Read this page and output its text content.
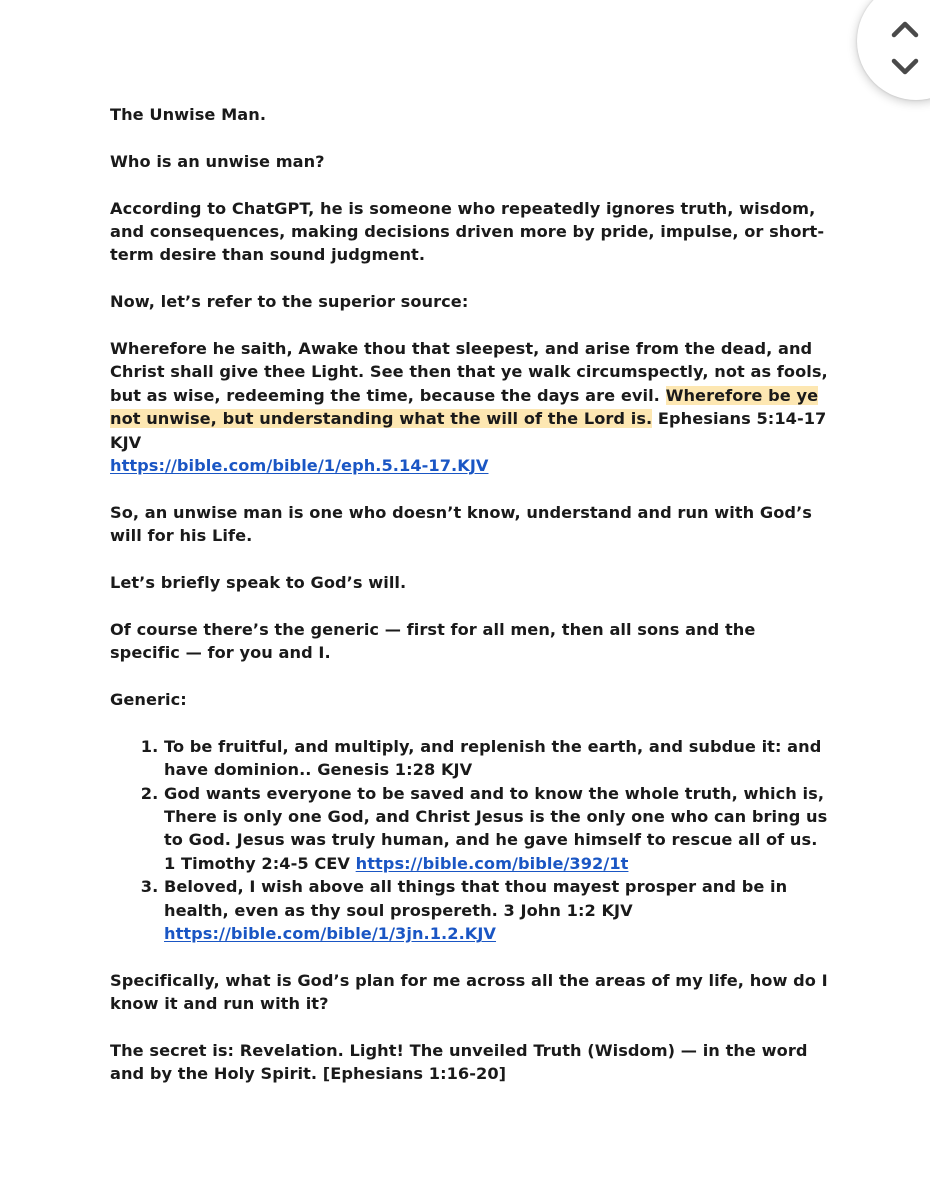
The Unwise Man.

Who is an unwise man?

According to ChatGPT, he is someone who repeatedly ignores truth, wisdom, and consequences, making decisions driven more by pride, impulse, or short-term desire than sound judgment.

Now, let’s refer to the superior source:

Wherefore he saith, Awake thou that sleepest, and arise from the dead, and Christ shall give thee Light. See then that ye walk circumspectly, not as fools, but as wise, redeeming the time, because the days are evil. Wherefore be ye not unwise, but understanding what the will of the Lord is. Ephesians 5:14-17 KJV
https://bible.com/bible/1/eph.5.14-17.KJV

So, an unwise man is one who doesn’t know, understand and run with God’s will for his Life.

Let’s briefly speak to God’s will.

Of course there’s the generic — first for all men, then all sons and the specific — for you and I.

Generic:

1. To be fruitful, and multiply, and replenish the earth, and subdue it: and have dominion.. Genesis 1:28 KJV
2. God wants everyone to be saved and to know the whole truth, which is, There is only one God, and Christ Jesus is the only one who can bring us to God. Jesus was truly human, and he gave himself to rescue all of us. 1 Timothy 2:4-5 CEV https://bible.com/bible/392/1t
3. Beloved, I wish above all things that thou mayest prosper and be in health, even as thy soul prospereth. 3 John 1:2 KJV
https://bible.com/bible/1/3jn.1.2.KJV

Specifically, what is God’s plan for me across all the areas of my life, how do I know it and run with it?

The secret is: Revelation. Light! The unveiled Truth (Wisdom) — in the word and by the Holy Spirit. [Ephesians 1:16-20]
